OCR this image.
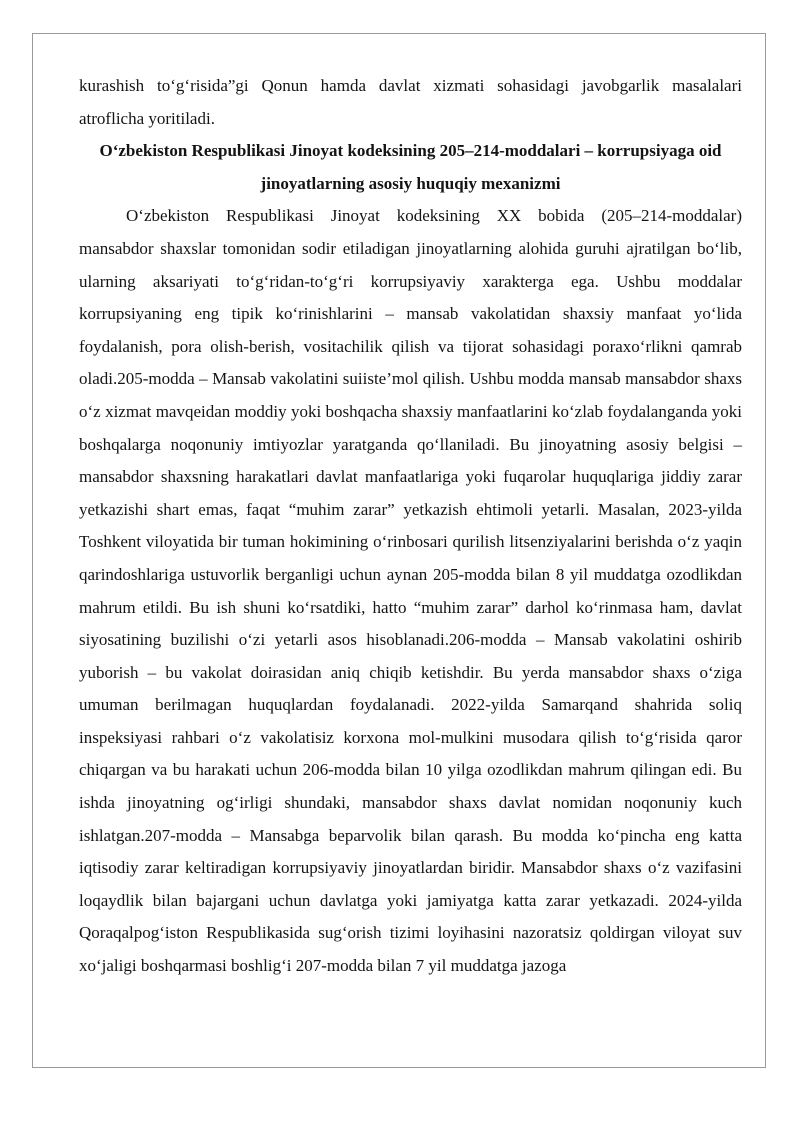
kurashish to‘g‘risida”gi Qonun hamda davlat xizmati sohasidagi javobgarlik masalalari atroflicha yoritiladi.

O‘zbekiston Respublikasi Jinoyat kodeksining 205–214-moddalari – korrupsiyaga oid jinoyatlarning asosiy huquqiy mexanizmi

O‘zbekiston Respublikasi Jinoyat kodeksining XX bobida (205–214-moddalar) mansabdor shaxslar tomonidan sodir etiladigan jinoyatlarning alohida guruhi ajratilgan bo‘lib, ularning aksariyati to‘g‘ridan-to‘g‘ri korrupsiyaviy xarakterga ega. Ushbu moddalar korrupsiyaning eng tipik ko‘rinishlarini – mansab vakolatidan shaxsiy manfaat yo‘lida foydalanish, pora olish-berish, vositachilik qilish va tijorat sohasidagi poraxo‘rlikni qamrab oladi.205-modda – Mansab vakolatini suiiste’mol qilish. Ushbu modda mansab mansabdor shaxs o‘z xizmat mavqeidan moddiy yoki boshqacha shaxsiy manfaatlarini ko‘zlab foydalanganda yoki boshqalarga noqonuniy imtiyozlar yaratganda qo‘llaniladi. Bu jinoyatning asosiy belgisi – mansabdor shaxsning harakatlari davlat manfaatlariga yoki fuqarolar huquqlariga jiddiy zarar yetkazishi shart emas, faqat “muhim zarar” yetkazish ehtimoli yetarli. Masalan, 2023-yilda Toshkent viloyatida bir tuman hokimining o‘rinbosari qurilish litsenziyalarini berishda o‘z yaqin qarindoshlariga ustuvorlik berganligi uchun aynan 205-modda bilan 8 yil muddatga ozodlikdan mahrum etildi. Bu ish shuni ko‘rsatdiki, hatto “muhim zarar” darhol ko‘rinmasa ham, davlat siyosatining buzilishi o‘zi yetarli asos hisoblanadi.206-modda – Mansab vakolatini oshirib yuborish – bu vakolat doirasidan aniq chiqib ketishdir. Bu yerda mansabdor shaxs o‘ziga umuman berilmagan huquqlardan foydalanadi. 2022-yilda Samarqand shahrida soliq inspeksiyasi rahbari o‘z vakolatisiz korxona mol-mulkini musodara qilish to‘g‘risida qaror chiqargan va bu harakati uchun 206-modda bilan 10 yilga ozodlikdan mahrum qilingan edi. Bu ishda jinoyatning og‘irligi shundaki, mansabdor shaxs davlat nomidan noqonuniy kuch ishlatgan.207-modda – Mansabga beparvolik bilan qarash. Bu modda ko‘pincha eng katta iqtisodiy zarar keltiradigan korrupsiyaviy jinoyatlardan biridir. Mansabdor shaxs o‘z vazifasini loqaydlik bilan bajargani uchun davlatga yoki jamiyatga katta zarar yetkazadi. 2024-yilda Qoraqalpog‘iston Respublikasida sug‘orish tizimi loyihasini nazoratsiz qoldirgan viloyat suv xo‘jaligi boshqarmasi boshlig‘i 207-modda bilan 7 yil muddatga jazoga
